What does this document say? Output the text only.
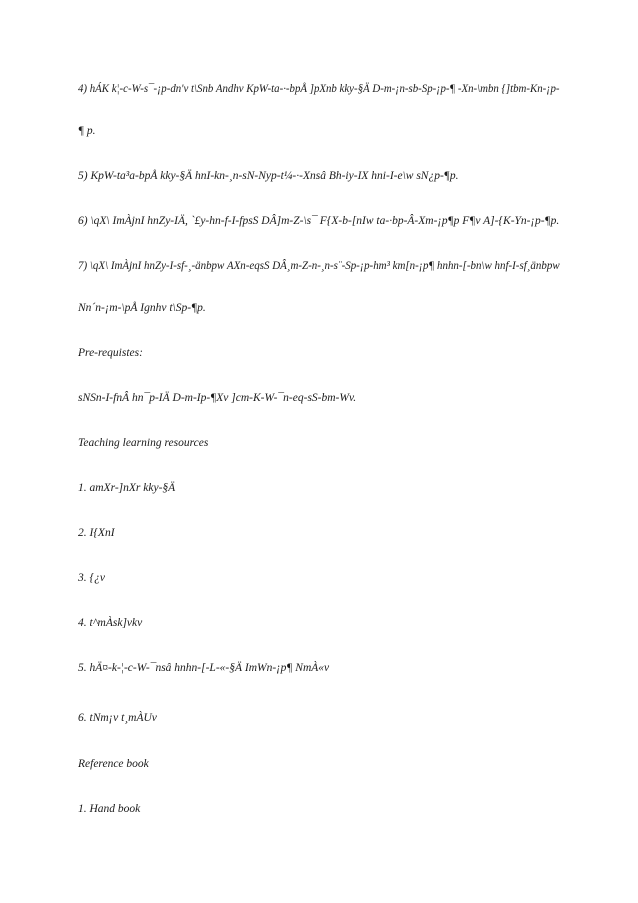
4) hÁK k¦-c-W-s¯-¡p-dn'v t\Snb Andhv KpW-ta-·-bpÅ ]pXnb kky-§Ä D-m-¡n-sb-Sp-¡p-¶ -Xn-\mbn {]tbm-Kn-¡p-
¶ p.
5) KpW-ta³a-bpÅ kky-§Ä hnI-kn-¸n-sN-Nyp-t¼-·-Xnsâ Bh-iy-IX hni-I-e\w sN¿p-¶p.
6) \qX\ ImÀjnI hnZy-IÄ, `£y-hn-f-I-fpsS DÂ]m-Z-\s¯ F{X-b-[nIw ta-·bp-Â-Xm-¡p¶p F¶v A]-{K-Yn-¡p-¶p.
7) \qX\ ImÀjnI hnZy-I-sf-¸-änbpw AXn-eqsS DÂ¸m-Z-n-¸n-s¨-Sp-¡p-hm³ km[n-¡p¶ hnhn-[-bn\w hnf-I-sf¸änbpw
Nn´n-¡m-\pÅ Ignhv t\Sp-¶p.
Pre-requistes:
sNSn-I-fnÂ hn¯p-IÄ D-m-Ip-¶Xv ]cm-K-W-¯n-eq-sS-bm-Wv.
Teaching learning resources
1. amXr-]nXr kky-§Ä
2. I{XnI
3. {¿v
4. t^mÀsk]vkv
5. hÄ¤-k-¦-c-W-¯nsâ hnhn-[-L-«-§Ä ImWn-¡p¶ NmÀ«v
6. tNm¡v t¸mÀUv
Reference book
1. Hand book
